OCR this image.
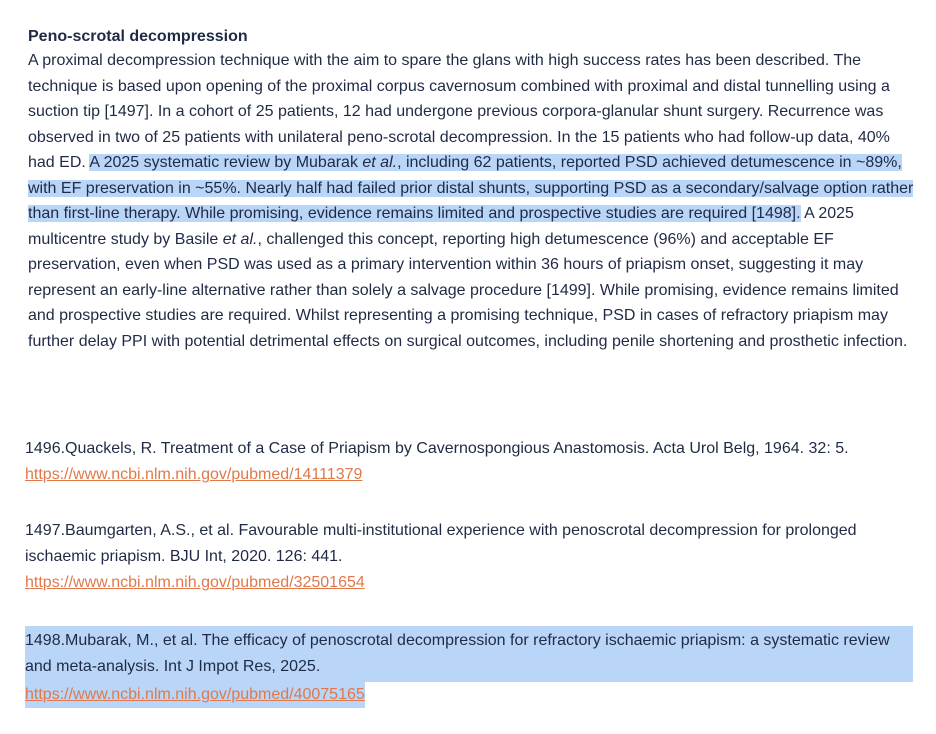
Peno-scrotal decompression

A proximal decompression technique with the aim to spare the glans with high success rates has been described. The technique is based upon opening of the proximal corpus cavernosum combined with proximal and distal tunnelling using a suction tip [1497]. In a cohort of 25 patients, 12 had undergone previous corpora-glanular shunt surgery. Recurrence was observed in two of 25 patients with unilateral peno-scrotal decompression. In the 15 patients who had follow-up data, 40% had ED. A 2025 systematic review by Mubarak et al., including 62 patients, reported PSD achieved detumescence in ~89%, with EF preservation in ~55%. Nearly half had failed prior distal shunts, supporting PSD as a secondary/salvage option rather than first-line therapy. While promising, evidence remains limited and prospective studies are required [1498]. A 2025 multicentre study by Basile et al., challenged this concept, reporting high detumescence (96%) and acceptable EF preservation, even when PSD was used as a primary intervention within 36 hours of priapism onset, suggesting it may represent an early-line alternative rather than solely a salvage procedure [1499]. While promising, evidence remains limited and prospective studies are required. Whilst representing a promising technique, PSD in cases of refractory priapism may further delay PPI with potential detrimental effects on surgical outcomes, including penile shortening and prosthetic infection.

1496.Quackels, R. Treatment of a Case of Priapism by Cavernospongious Anastomosis. Acta Urol Belg, 1964. 32: 5.
https://www.ncbi.nlm.nih.gov/pubmed/14111379
1497.Baumgarten, A.S., et al. Favourable multi-institutional experience with penoscrotal decompression for prolonged ischaemic priapism. BJU Int, 2020. 126: 441.
https://www.ncbi.nlm.nih.gov/pubmed/32501654
1498.Mubarak, M., et al. The efficacy of penoscrotal decompression for refractory ischaemic priapism: a systematic review and meta-analysis. Int J Impot Res, 2025.
https://www.ncbi.nlm.nih.gov/pubmed/40075165
